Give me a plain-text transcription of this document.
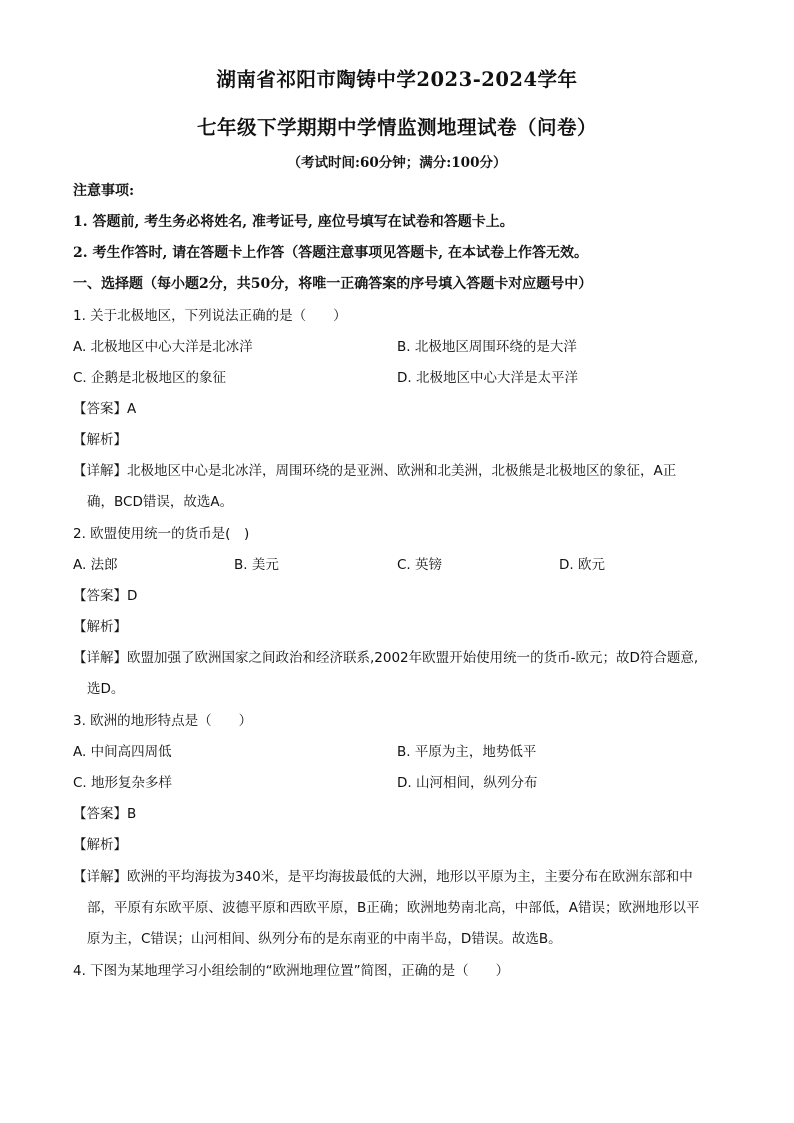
湖南省祁阳市陶铸中学2023-2024学年
七年级下学期期中学情监测地理试卷（问卷）
（考试时间:60分钟；满分:100分）
注意事项:
1. 答题前, 考生务必将姓名, 准考证号, 座位号填写在试卷和答题卡上。
2. 考生作答时, 请在答题卡上作答（答题注意事项见答题卡, 在本试卷上作答无效。
一、选择题（每小题2分，共50分，将唯一正确答案的序号填入答题卡对应题号中）
1. 关于北极地区，下列说法正确的是（　　）
A. 北极地区中心大洋是北冰洋	B. 北极地区周围环绕的是大洋
C. 企鹅是北极地区的象征	D. 北极地区中心大洋是太平洋
【答案】A
【解析】
【详解】北极地区中心是北冰洋，周围环绕的是亚洲、欧洲和北美洲，北极熊是北极地区的象征，A正
确，BCD错误，故选A。
2. 欧盟使用统一的货币是(　)
A. 法郎	B. 美元	C. 英镑	D. 欧元
【答案】D
【解析】
【详解】欧盟加强了欧洲国家之间政治和经济联系,2002年欧盟开始使用统一的货币-欧元；故D符合题意,
选D。
3. 欧洲的地形特点是（　　）
A. 中间高四周低	B. 平原为主，地势低平
C. 地形复杂多样	D. 山河相间，纵列分布
【答案】B
【解析】
【详解】欧洲的平均海拔为340米，是平均海拔最低的大洲，地形以平原为主，主要分布在欧洲东部和中
部，平原有东欧平原、波德平原和西欧平原，B正确；欧洲地势南北高，中部低，A错误；欧洲地形以平
原为主，C错误；山河相间、纵列分布的是东南亚的中南半岛，D错误。故选B。
4. 下图为某地理学习小组绘制的“欧洲地理位置”简图，正确的是（　　）
